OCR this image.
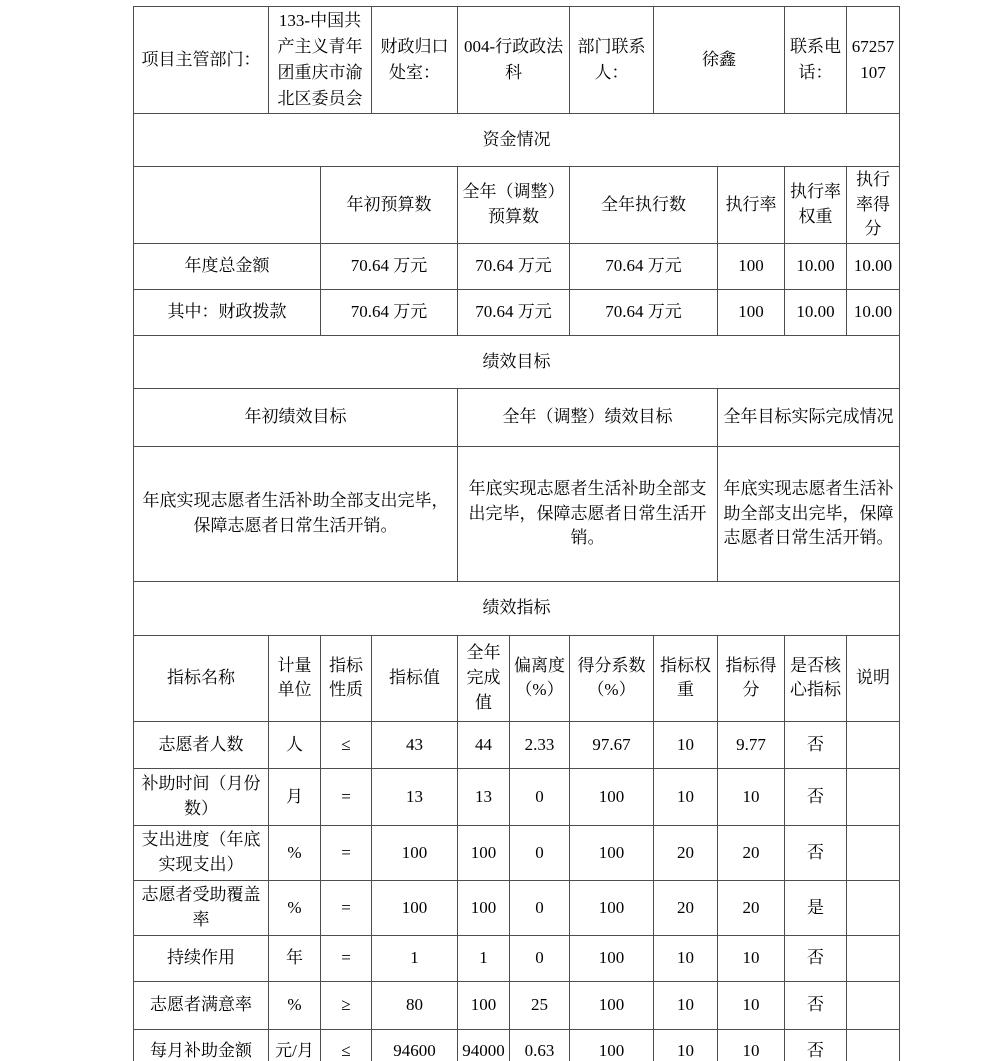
项目主管部门：	133-中国共产主义青年团重庆市渝北区委员会		财政归口处室：	004-行政政法科		部门联系人：	徐鑫		联系电话：	67257107
资金情况										
		年初预算数		全年（调整）预算数		全年执行数		执行率	执行率权重	执行率得分
年度总金额		70.64 万元		70.64 万元		70.64 万元		100	10.00	10.00
其中：财政拨款		70.64 万元		70.64 万元		70.64 万元		100	10.00	10.00
绩效目标										
年初绩效目标				全年（调整）绩效目标				全年目标实际完成情况		
年底实现志愿者生活补助全部支出完毕，保障志愿者日常生活开销。				年底实现志愿者生活补助全部支出完毕，保障志愿者日常生活开销。				年底实现志愿者生活补助全部支出完毕，保障志愿者日常生活开销。		
绩效指标										
指标名称	计量单位	指标性质	指标值	全年完成值	偏离度（%）	得分系数（%）	指标权重	指标得分	是否核心指标	说明
志愿者人数	人	≤	43	44	2.33	97.67	10	9.77	否	
补助时间（月份数）	月	=	13	13	0	100	10	10	否	
支出进度（年底实现支出）	%	=	100	100	0	100	20	20	否	
志愿者受助覆盖率	%	=	100	100	0	100	20	20	是	
持续作用	年	=	1	1	0	100	10	10	否	
志愿者满意率	%	≥	80	100	25	100	10	10	否	
每月补助金额	元/月	≤	94600	94000	0.63	100	10	10	否	
